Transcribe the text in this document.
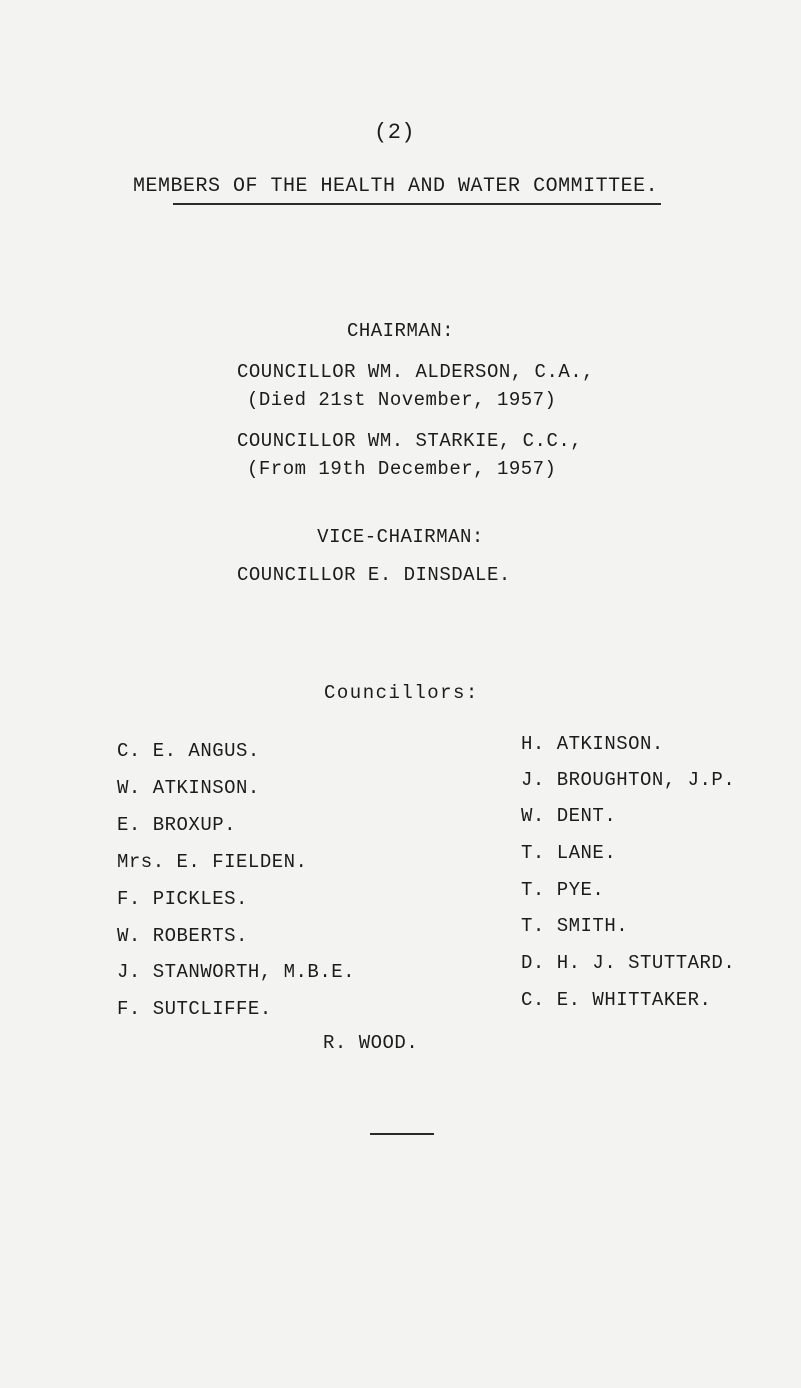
(2)
MEMBERS OF THE HEALTH AND WATER COMMITTEE.
CHAIRMAN:
COUNCILLOR WM. ALDERSON, C.A.,
(Died 21st November, 1957)
COUNCILLOR WM. STARKIE, C.C.,
(From 19th December, 1957)
VICE-CHAIRMAN:
COUNCILLOR E. DINSDALE.
Councillors:
C. E. ANGUS.
W. ATKINSON.
E. BROXUP.
Mrs. E. FIELDEN.
F. PICKLES.
W. ROBERTS.
J. STANWORTH, M.B.E.
F. SUTCLIFFE.
H. ATKINSON.
J. BROUGHTON, J.P.
W. DENT.
T. LANE.
T. PYE.
T. SMITH.
D. H. J. STUTTARD.
C. E. WHITTAKER.
R. WOOD.
